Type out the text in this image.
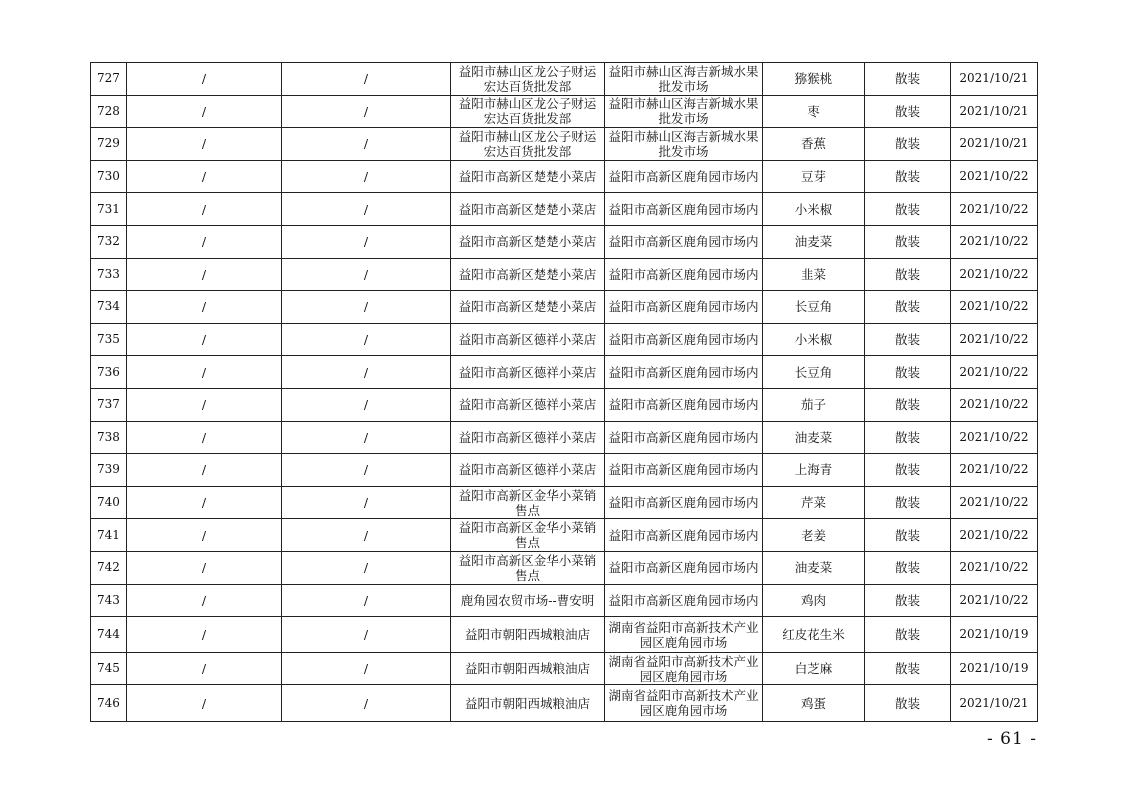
727	/	/	益阳市赫山区龙公子财运宏达百货批发部	益阳市赫山区海吉新城水果批发市场	猕猴桃	散装	2021/10/21
728	/	/	益阳市赫山区龙公子财运宏达百货批发部	益阳市赫山区海吉新城水果批发市场	枣	散装	2021/10/21
729	/	/	益阳市赫山区龙公子财运宏达百货批发部	益阳市赫山区海吉新城水果批发市场	香蕉	散装	2021/10/21
730	/	/	益阳市高新区楚楚小菜店	益阳市高新区鹿角园市场内	豆芽	散装	2021/10/22
731	/	/	益阳市高新区楚楚小菜店	益阳市高新区鹿角园市场内	小米椒	散装	2021/10/22
732	/	/	益阳市高新区楚楚小菜店	益阳市高新区鹿角园市场内	油麦菜	散装	2021/10/22
733	/	/	益阳市高新区楚楚小菜店	益阳市高新区鹿角园市场内	韭菜	散装	2021/10/22
734	/	/	益阳市高新区楚楚小菜店	益阳市高新区鹿角园市场内	长豆角	散装	2021/10/22
735	/	/	益阳市高新区德祥小菜店	益阳市高新区鹿角园市场内	小米椒	散装	2021/10/22
736	/	/	益阳市高新区德祥小菜店	益阳市高新区鹿角园市场内	长豆角	散装	2021/10/22
737	/	/	益阳市高新区德祥小菜店	益阳市高新区鹿角园市场内	茄子	散装	2021/10/22
738	/	/	益阳市高新区德祥小菜店	益阳市高新区鹿角园市场内	油麦菜	散装	2021/10/22
739	/	/	益阳市高新区德祥小菜店	益阳市高新区鹿角园市场内	上海青	散装	2021/10/22
740	/	/	益阳市高新区金华小菜销售点	益阳市高新区鹿角园市场内	芹菜	散装	2021/10/22
741	/	/	益阳市高新区金华小菜销售点	益阳市高新区鹿角园市场内	老姜	散装	2021/10/22
742	/	/	益阳市高新区金华小菜销售点	益阳市高新区鹿角园市场内	油麦菜	散装	2021/10/22
743	/	/	鹿角园农贸市场--曹安明	益阳市高新区鹿角园市场内	鸡肉	散装	2021/10/22
744	/	/	益阳市朝阳西城粮油店	湖南省益阳市高新技术产业园区鹿角园市场	红皮花生米	散装	2021/10/19
745	/	/	益阳市朝阳西城粮油店	湖南省益阳市高新技术产业园区鹿角园市场	白芝麻	散装	2021/10/19
746	/	/	益阳市朝阳西城粮油店	湖南省益阳市高新技术产业园区鹿角园市场	鸡蛋	散装	2021/10/21
- 61 -
